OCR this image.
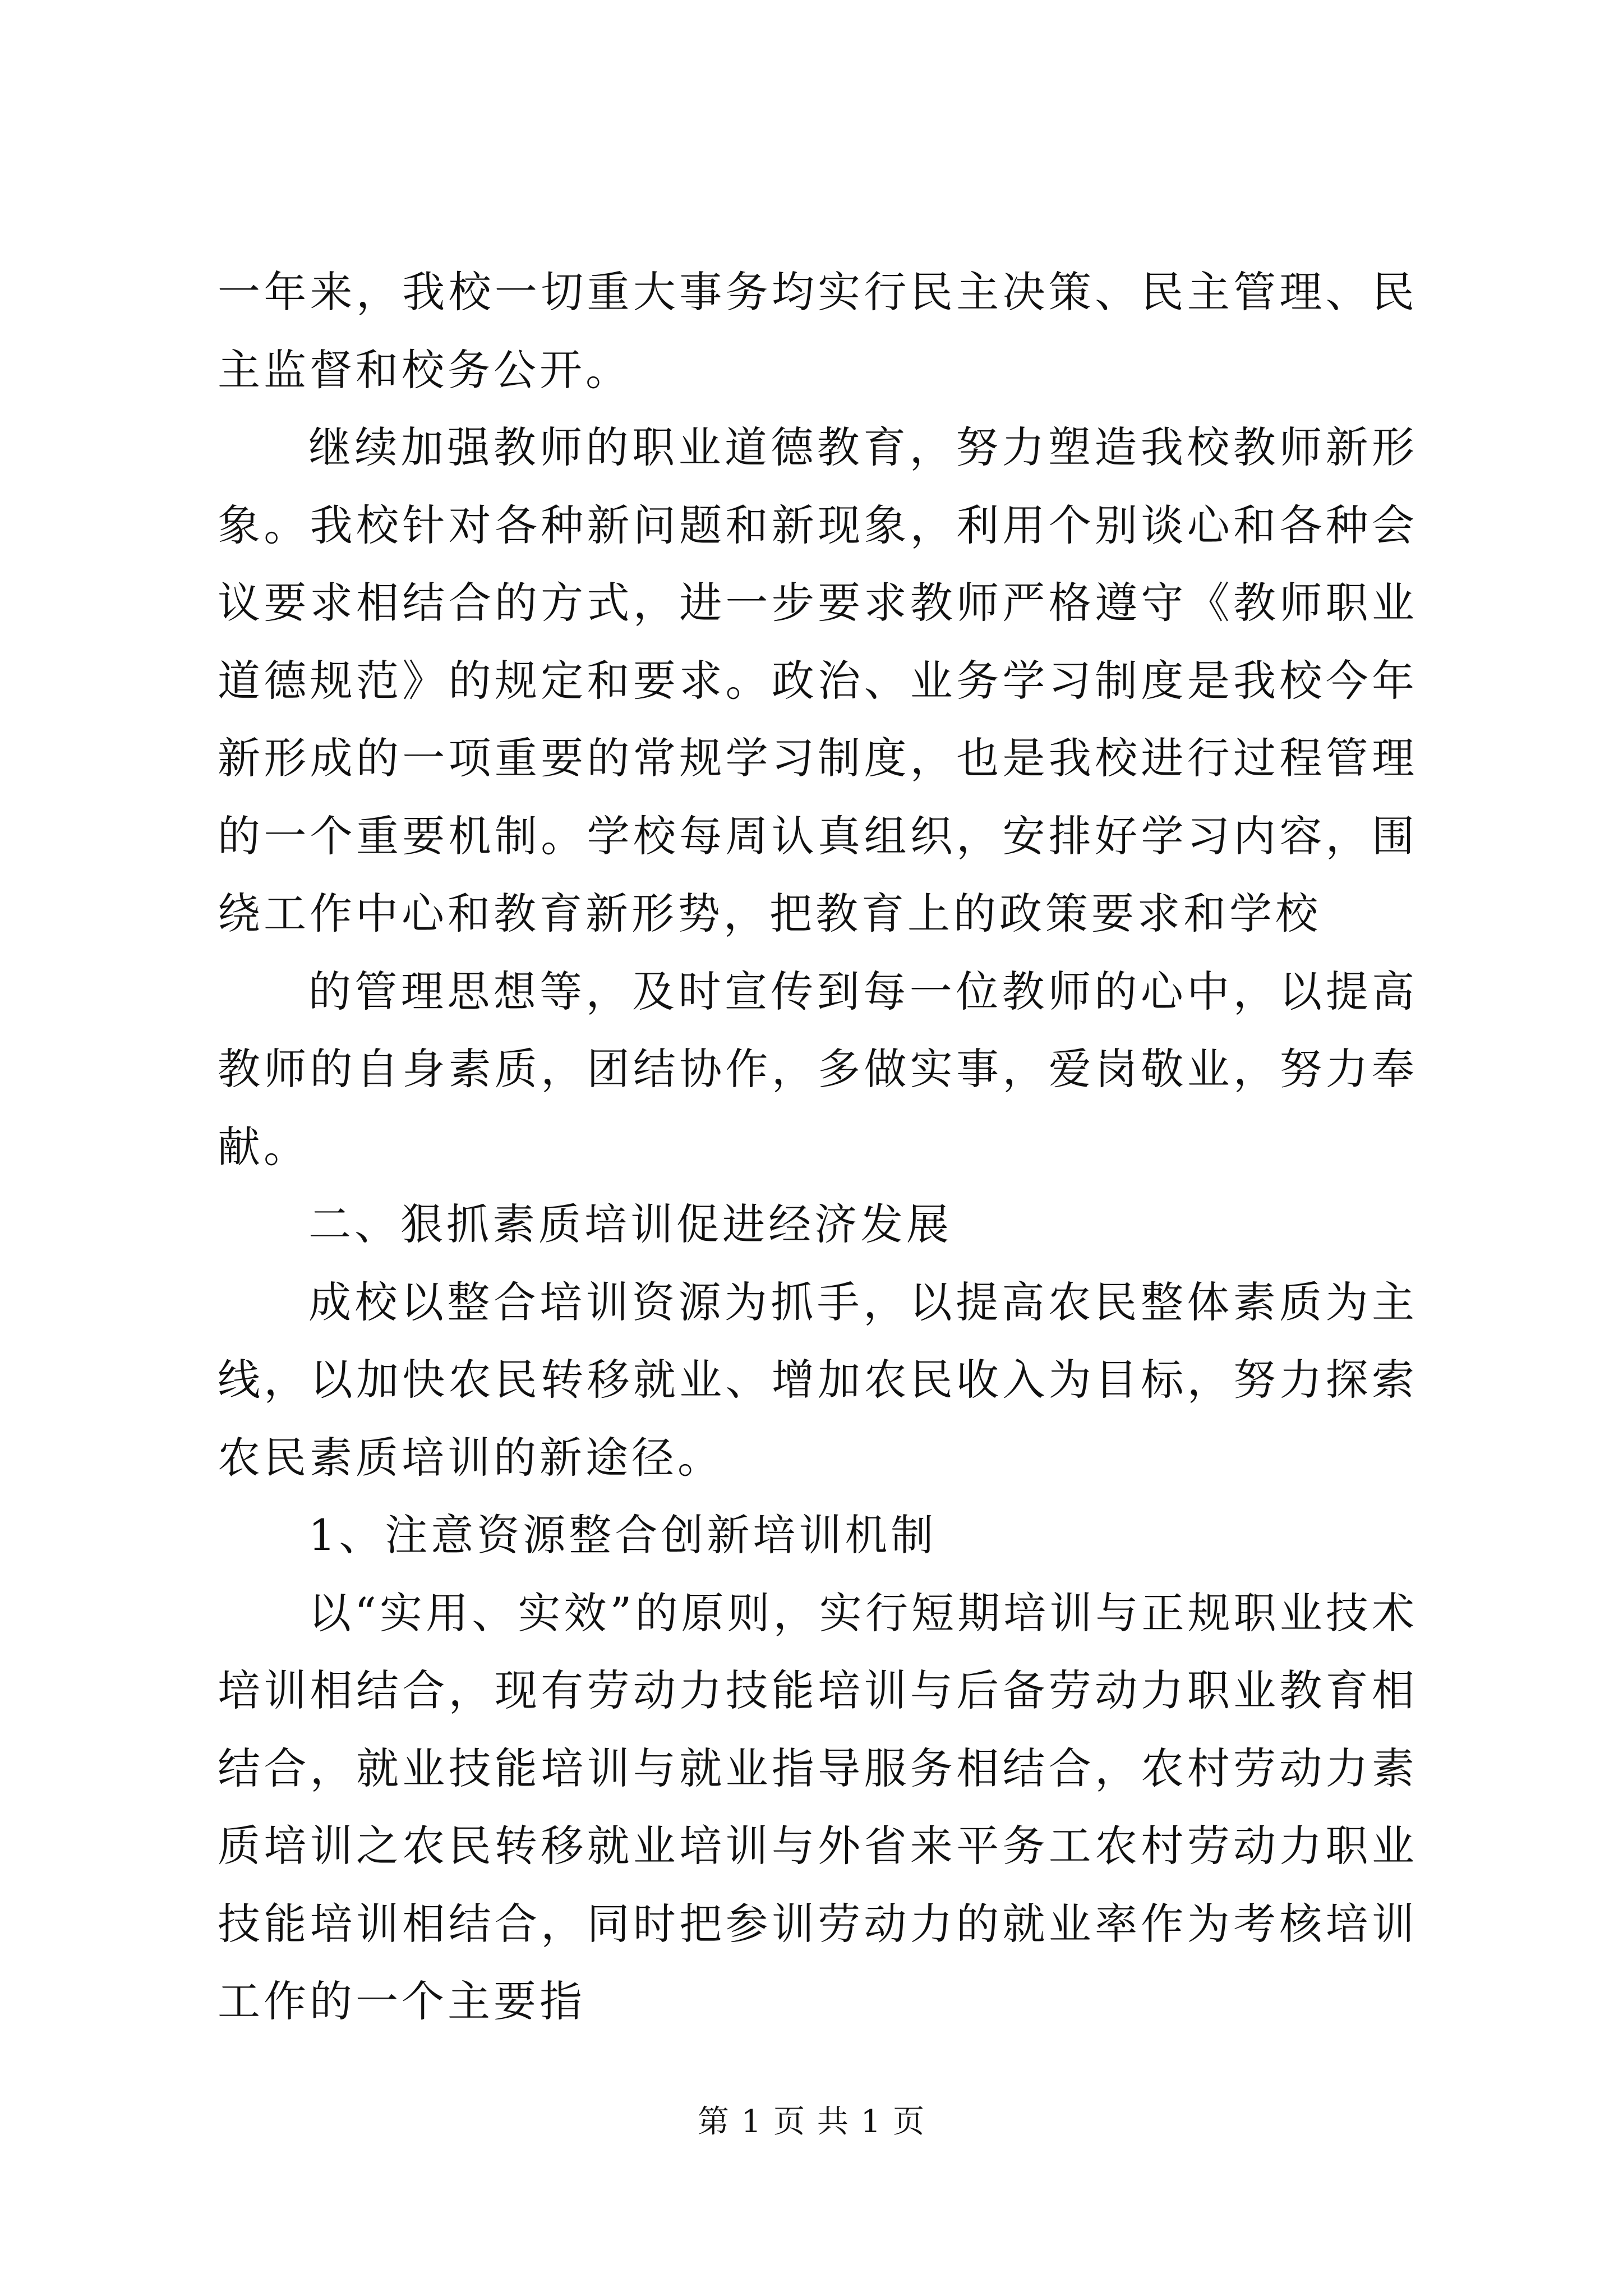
一年来，我校一切重大事务均实行民主决策、民主管理、民主监督和校务公开。

继续加强教师的职业道德教育，努力塑造我校教师新形象。我校针对各种新问题和新现象，利用个别谈心和各种会议要求相结合的方式，进一步要求教师严格遵守《教师职业道德规范》的规定和要求。政治、业务学习制度是我校今年新形成的一项重要的常规学习制度，也是我校进行过程管理的一个重要机制。学校每周认真组织，安排好学习内容，围绕工作中心和教育新形势，把教育上的政策要求和学校

的管理思想等，及时宣传到每一位教师的心中，以提高教师的自身素质，团结协作，多做实事，爱岗敬业，努力奉献。

二、狠抓素质培训促进经济发展

成校以整合培训资源为抓手，以提高农民整体素质为主线，以加快农民转移就业、增加农民收入为目标，努力探索农民素质培训的新途径。

1、注意资源整合创新培训机制

以“实用、实效”的原则，实行短期培训与正规职业技术培训相结合，现有劳动力技能培训与后备劳动力职业教育相结合，就业技能培训与就业指导服务相结合，农村劳动力素质培训之农民转移就业培训与外省来平务工农村劳动力职业技能培训相结合，同时把参训劳动力的就业率作为考核培训工作的一个主要指

第 1 页 共 1 页
